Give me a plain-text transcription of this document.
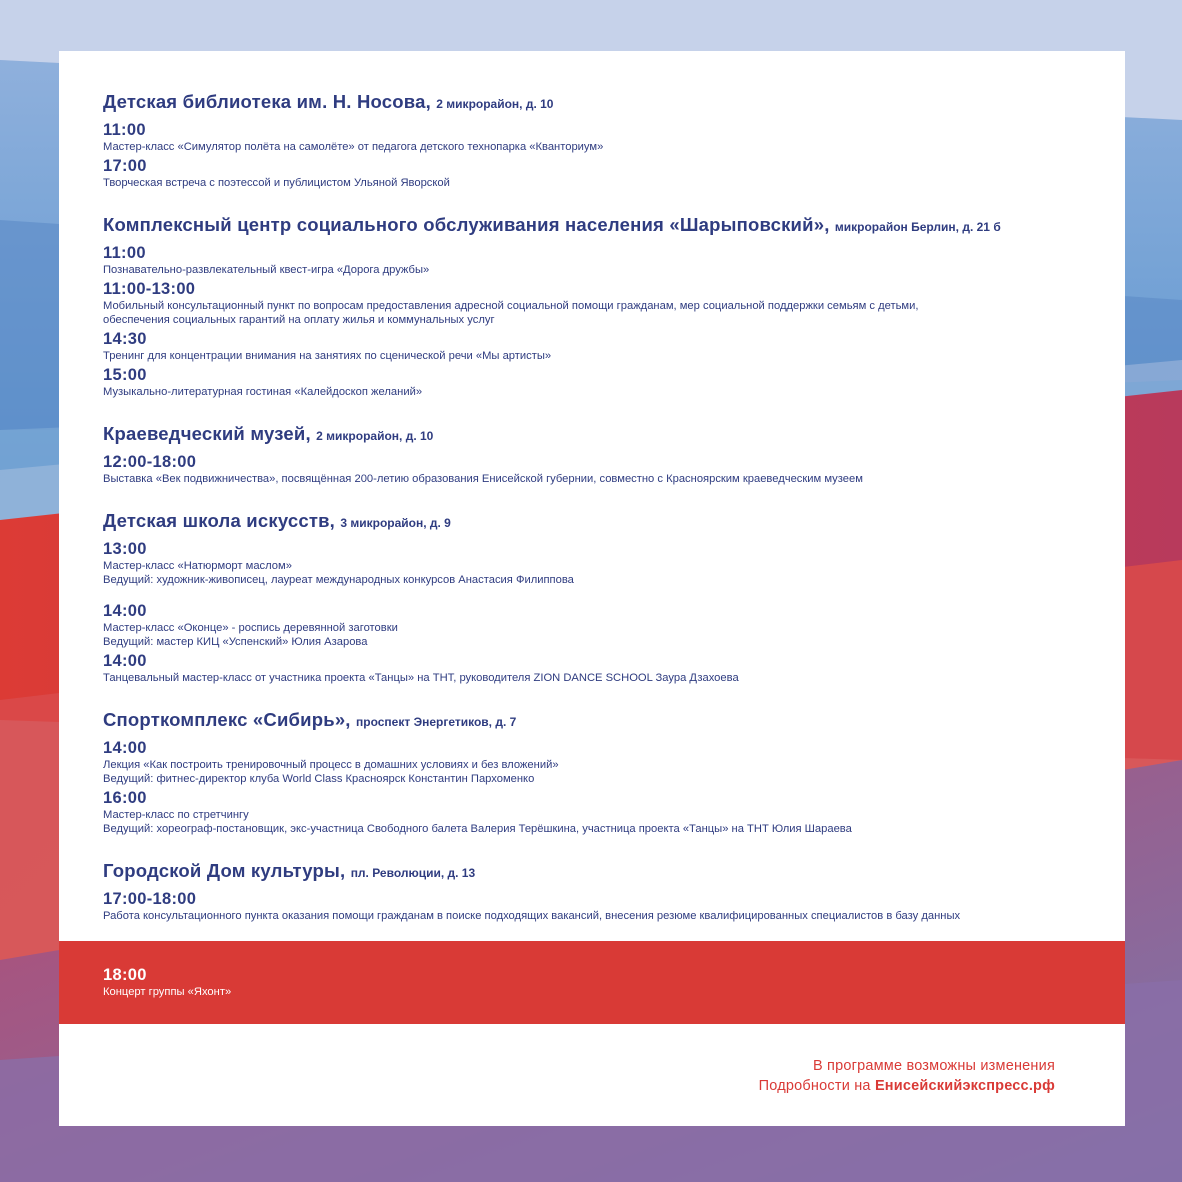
Детская библиотека им. Н. Носова, 2 микрорайон, д. 10
11:00
Мастер-класс «Симулятор полёта на самолёте» от педагога детского технопарка «Кванториум»
17:00
Творческая встреча с поэтессой и публицистом Ульяной Яворской
Комплексный центр социального обслуживания населения «Шарыповский», микрорайон Берлин, д. 21 б
11:00
Познавательно-развлекательный квест-игра «Дорога дружбы»
11:00-13:00
Мобильный консультационный пункт по вопросам предоставления адресной социальной помощи гражданам, мер социальной поддержки семьям с детьми,
обеспечения социальных гарантий на оплату жилья и коммунальных услуг
14:30
Тренинг для концентрации внимания на занятиях по сценической речи «Мы артисты»
15:00
Музыкально-литературная гостиная «Калейдоскоп желаний»
Краеведческий музей, 2 микрорайон, д. 10
12:00-18:00
Выставка «Век подвижничества», посвящённая 200-летию образования Енисейской губернии, совместно с Красноярским краеведческим музеем
Детская школа искусств, 3 микрорайон, д. 9
13:00
Мастер-класс «Натюрморт маслом»
Ведущий: художник-живописец, лауреат международных конкурсов Анастасия Филиппова
14:00
Мастер-класс «Оконце» - роспись деревянной заготовки
Ведущий: мастер КИЦ «Успенский» Юлия Азарова
14:00
Танцевальный мастер-класс от участника проекта «Танцы» на ТНТ, руководителя ZION DANCE SCHOOL Заура Дзахоева
Спорткомплекс «Сибирь», проспект Энергетиков, д. 7
14:00
Лекция «Как построить тренировочный процесс в домашних условиях и без вложений»
Ведущий: фитнес-директор клуба World Class Красноярск Константин Пархоменко
16:00
Мастер-класс по стретчингу
Ведущий: хореограф-постановщик, экс-участница Свободного балета Валерия Терёшкина, участница проекта «Танцы» на ТНТ Юлия Шараева
Городской Дом культуры, пл. Революции, д. 13
17:00-18:00
Работа консультационного пункта оказания помощи гражданам в поиске подходящих вакансий, внесения резюме квалифицированных специалистов в базу данных
18:00
Концерт группы «Яхонт»
В программе возможны изменения
Подробности на Енисейскийэкспресс.рф
